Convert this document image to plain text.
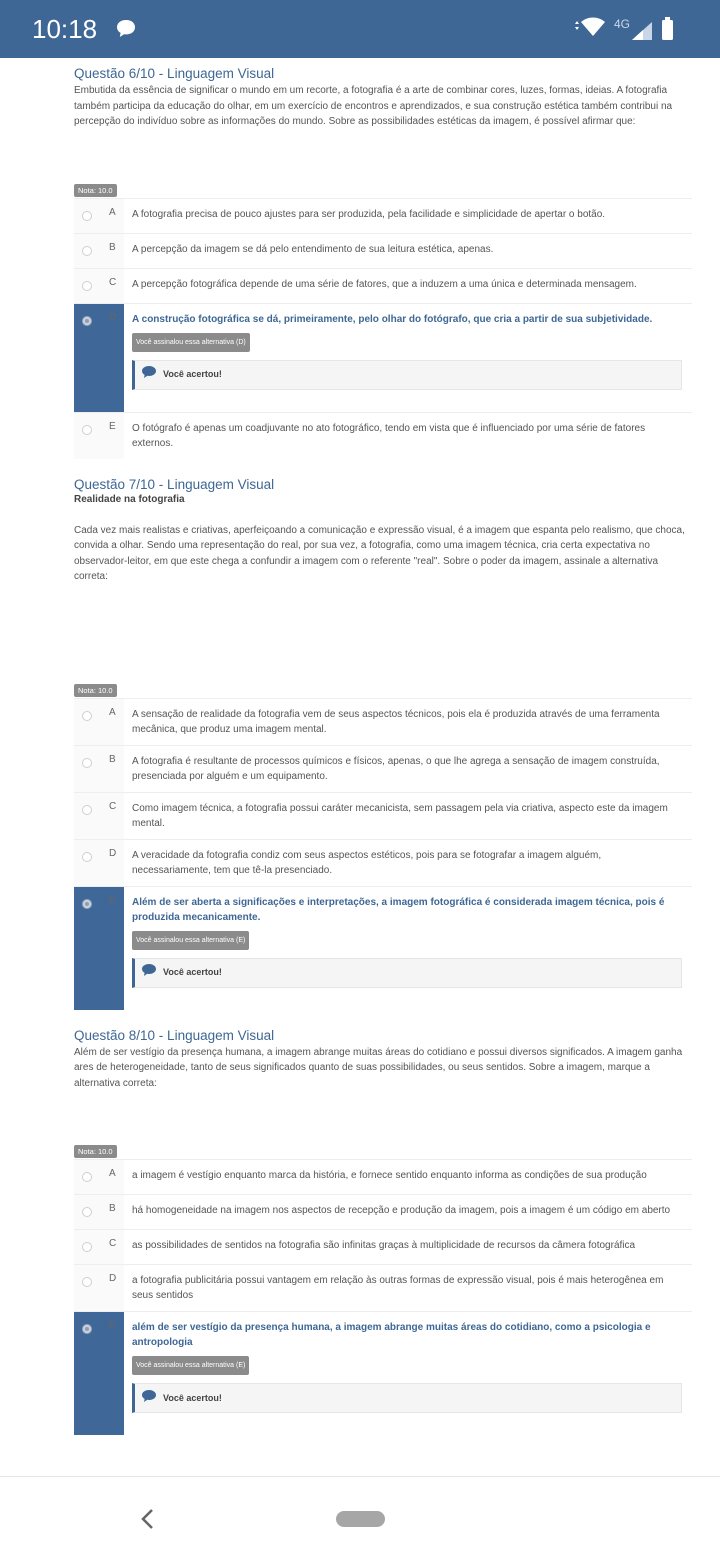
10:18	4G
Questão 6/10 - Linguagem Visual

Embutida da essência de significar o mundo em um recorte, a fotografia é a arte de combinar cores, luzes, formas, ideias. A fotografia também participa da educação do olhar, em um exercício de encontros e aprendizados, e sua construção estética também contribui na percepção do indivíduo sobre as informações do mundo. Sobre as possibilidades estéticas da imagem, é possível afirmar que:

Nota: 10.0
A A fotografia precisa de pouco ajustes para ser produzida, pela facilidade e simplicidade de apertar o botão.
B A percepção da imagem se dá pelo entendimento de sua leitura estética, apenas.
C A percepção fotográfica depende de uma série de fatores, que a induzem a uma única e determinada mensagem.
D A construção fotográfica se dá, primeiramente, pelo olhar do fotógrafo, que cria a partir de sua subjetividade.
Você assinalou essa alternativa (D)
Você acertou!
E O fotógrafo é apenas um coadjuvante no ato fotográfico, tendo em vista que é influenciado por uma série de fatores externos.
Questão 7/10 - Linguagem Visual
Realidade na fotografia

Cada vez mais realistas e criativas, aperfeiçoando a comunicação e expressão visual, é a imagem que espanta pelo realismo, que choca, convida a olhar. Sendo uma representação do real, por sua vez, a fotografia, como uma imagem técnica, cria certa expectativa no observador-leitor, em que este chega a confundir a imagem com o referente "real". Sobre o poder da imagem, assinale a alternativa correta:

Nota: 10.0
A A sensação de realidade da fotografia vem de seus aspectos técnicos, pois ela é produzida através de uma ferramenta mecânica, que produz uma imagem mental.
B A fotografia é resultante de processos químicos e físicos, apenas, o que lhe agrega a sensação de imagem construída, presenciada por alguém e um equipamento.
C Como imagem técnica, a fotografia possui caráter mecanicista, sem passagem pela via criativa, aspecto este da imagem mental.
D A veracidade da fotografia condiz com seus aspectos estéticos, pois para se fotografar a imagem alguém, necessariamente, tem que tê-la presenciado.
E Além de ser aberta a significações e interpretações, a imagem fotográfica é considerada imagem técnica, pois é produzida mecanicamente.
Você assinalou essa alternativa (E)
Você acertou!
Questão 8/10 - Linguagem Visual

Além de ser vestígio da presença humana, a imagem abrange muitas áreas do cotidiano e possui diversos significados. A imagem ganha ares de heterogeneidade, tanto de seus significados quanto de suas possibilidades, ou seus sentidos. Sobre a imagem, marque a alternativa correta:

Nota: 10.0
A a imagem é vestígio enquanto marca da história, e fornece sentido enquanto informa as condições de sua produção
B há homogeneidade na imagem nos aspectos de recepção e produção da imagem, pois a imagem é um código em aberto
C as possibilidades de sentidos na fotografia são infinitas graças à multiplicidade de recursos da câmera fotográfica
D a fotografia publicitária possui vantagem em relação às outras formas de expressão visual, pois é mais heterogênea em seus sentidos
E além de ser vestígio da presença humana, a imagem abrange muitas áreas do cotidiano, como a psicologia e antropologia
Você assinalou essa alternativa (E)
Você acertou!
